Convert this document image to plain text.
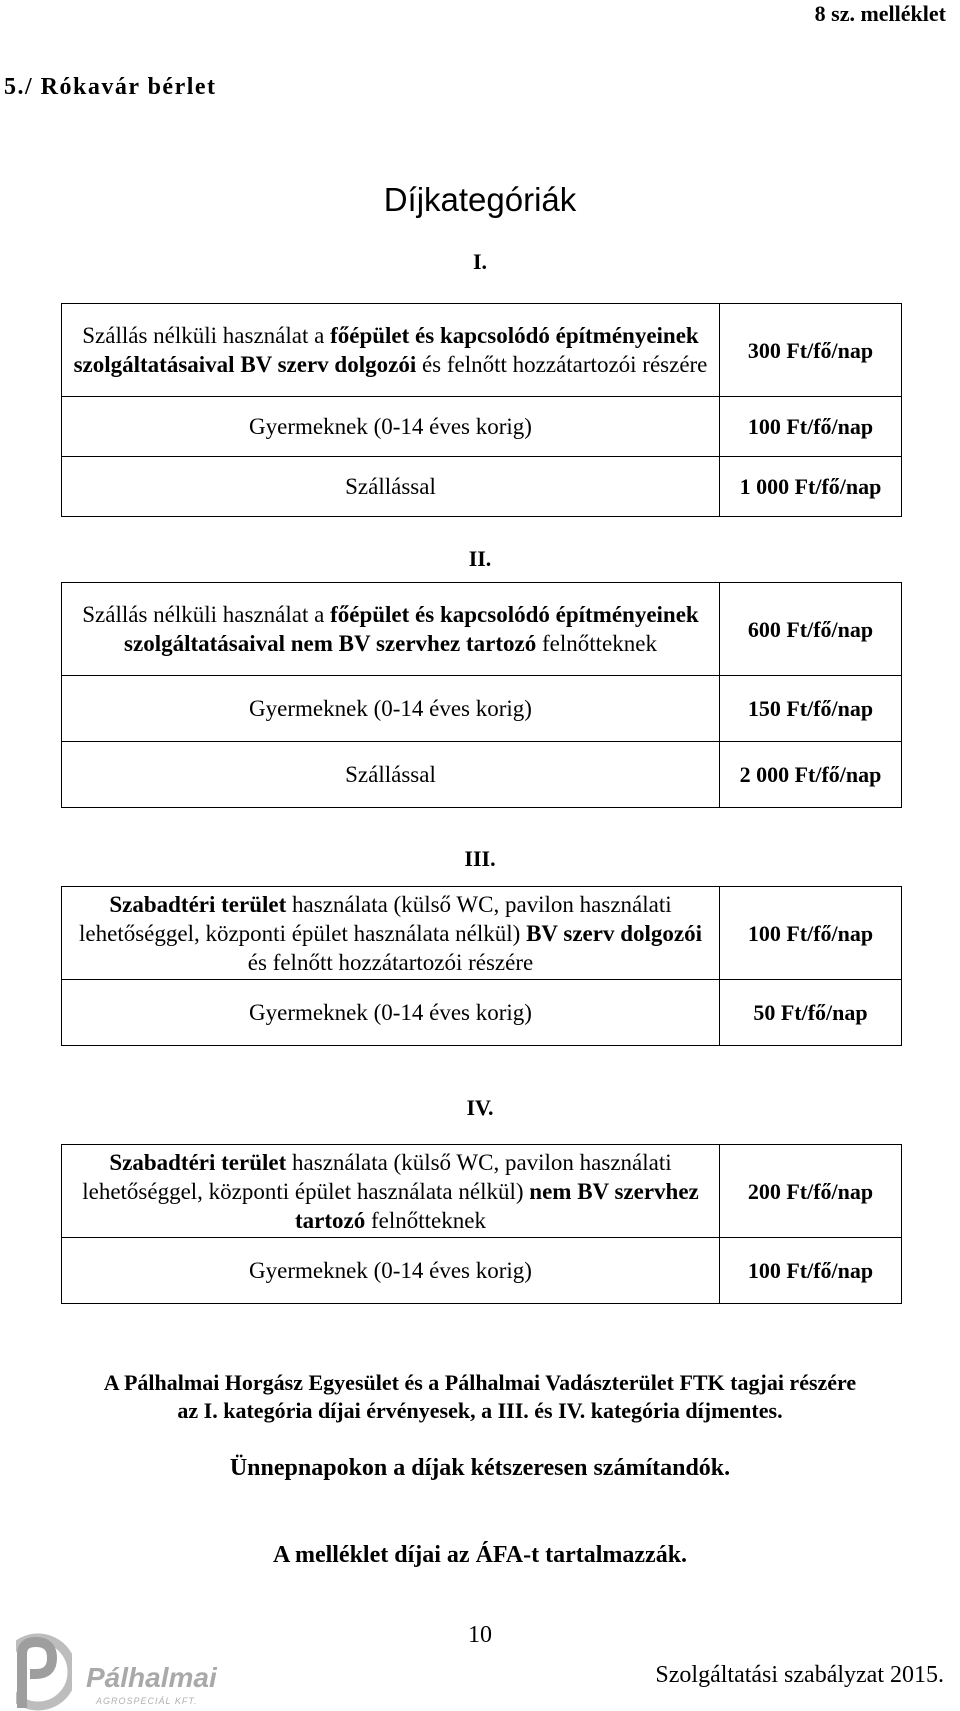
8 sz. melléklet
5./ Rókavár bérlet
Díjkategóriák
I.
Szállás nélküli használat a főépület és kapcsolódó építményeinek szolgáltatásaival BV szerv dolgozói és felnőtt hozzátartozói részére	300 Ft/fő/nap
Gyermeknek (0-14 éves korig)	100 Ft/fő/nap
Szállással	1 000 Ft/fő/nap
II.
Szállás nélküli használat a főépület és kapcsolódó építményeinek szolgáltatásaival nem BV szervhez tartozó felnőtteknek	600 Ft/fő/nap
Gyermeknek (0-14 éves korig)	150 Ft/fő/nap
Szállással	2 000 Ft/fő/nap
III.
Szabadtéri terület használata (külső WC, pavilon használati lehetőséggel, központi épület használata nélkül) BV szerv dolgozói és felnőtt hozzátartozói részére	100 Ft/fő/nap
Gyermeknek (0-14 éves korig)	50 Ft/fő/nap
IV.
Szabadtéri terület használata (külső WC, pavilon használati lehetőséggel, központi épület használata nélkül) nem BV szervhez tartozó felnőtteknek	200 Ft/fő/nap
Gyermeknek (0-14 éves korig)	100 Ft/fő/nap
A Pálhalmai Horgász Egyesület és a Pálhalmai Vadászterület FTK tagjai részére
az I. kategória díjai érvényesek, a III. és IV. kategória díjmentes.
Ünnepnapokon a díjak kétszeresen számítandók.
A melléklet díjai az ÁFA-t tartalmazzák.
10
Szolgáltatási szabályzat 2015.
Pálhalmai
AGROSPECIÁL KFT.
